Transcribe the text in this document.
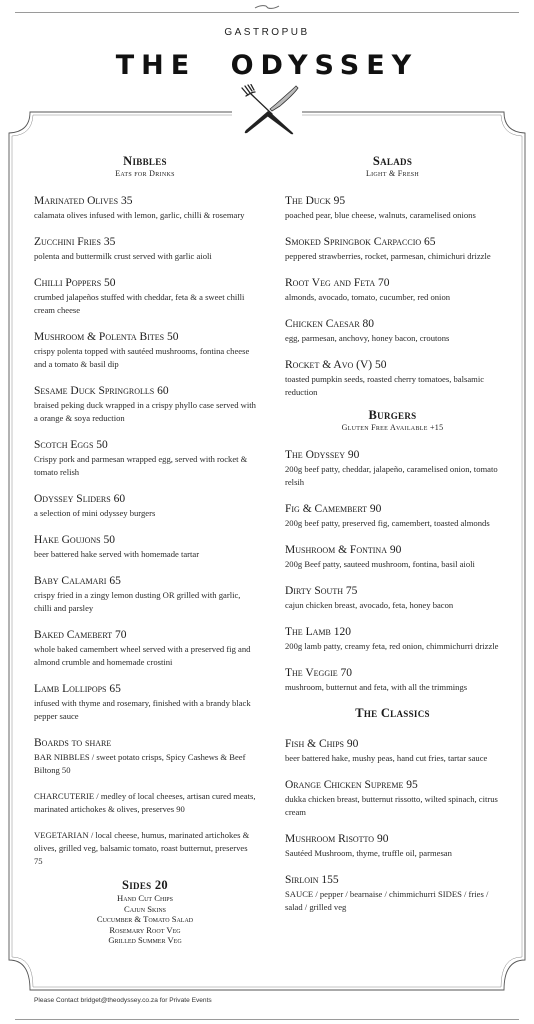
GASTROPUB
THE ODYSSEY
Nibbles
Eats for Drinks
Marinated Olives 35
calamata olives infused with lemon, garlic, chilli & rosemary
Zucchini Fries 35
polenta and buttermilk crust served with garlic aioli
Chilli Poppers 50
crumbed jalapeños stuffed with cheddar, feta & a sweet chilli cream cheese
Mushroom & Polenta Bites 50
crispy polenta topped with sautéed mushrooms, fontina cheese and a tomato & basil dip
Sesame Duck Springrolls 60
braised peking duck wrapped in a crispy phyllo case served with a orange & soya reduction
Scotch Eggs 50
Crispy pork and parmesan wrapped egg, served with rocket & tomato relish
Odyssey Sliders 60
a selection of mini odyssey burgers
Hake Goujons 50
beer battered hake served with homemade tartar
Baby Calamari 65
crispy fried in a zingy lemon dusting OR grilled with garlic, chilli and parsley
Baked Camebert 70
whole baked camembert wheel served with a preserved fig and almond crumble and homemade crostini
Lamb Lollipops 65
infused with thyme and rosemary, finished with a brandy black pepper sauce
Boards to share
BAR NIBBLES / sweet potato crisps, Spicy Cashews & Beef Biltong 50
CHARCUTERIE / medley of local cheeses, artisan cured meats, marinated artichokes & olives, preserves 90
VEGETARIAN / local cheese, humus, marinated artichokes & olives, grilled veg, balsamic tomato, roast butternut, preserves 75
Sides 20
Hand Cut Chips
Cajun Skins
Cucumber & Tomato Salad
Rosemary Root Veg
Grilled Summer Veg
Salads
Light & Fresh
The Duck 95
poached pear, blue cheese, walnuts, caramelised onions
Smoked Springbok Carpaccio 65
peppered strawberries, rocket, parmesan, chimichuri drizzle
Root Veg and Feta 70
almonds, avocado, tomato, cucumber, red onion
Chicken Caesar 80
egg, parmesan, anchovy, honey bacon, croutons
Rocket & Avo (V) 50
toasted pumpkin seeds, roasted cherry tomatoes, balsamic reduction
Burgers
Gluten Free Available +15
The Odyssey 90
200g beef patty, cheddar, jalapeño, caramelised onion, tomato relsih
Fig & Camembert 90
200g beef patty, preserved fig, camembert, toasted almonds
Mushroom & Fontina 90
200g Beef patty, sauteed mushroom, fontina, basil aioli
Dirty South 75
cajun chicken breast, avocado, feta, honey bacon
The Lamb 120
200g lamb patty, creamy feta, red onion, chimmichurri drizzle
The Veggie 70
mushroom, butternut and feta, with all the trimmings
The Classics
Fish & Chips 90
beer battered hake, mushy peas, hand cut fries, tartar sauce
Orange Chicken Supreme 95
dukka chicken breast, butternut rissotto, wilted spinach, citrus cream
Mushroom Risotto 90
Sautéed Mushroom, thyme, truffle oil, parmesan
Sirloin 155
SAUCE / pepper / bearnaise / chimmichurri SIDES / fries / salad / grilled veg
Please Contact bridget@theodyssey.co.za for Private Events
